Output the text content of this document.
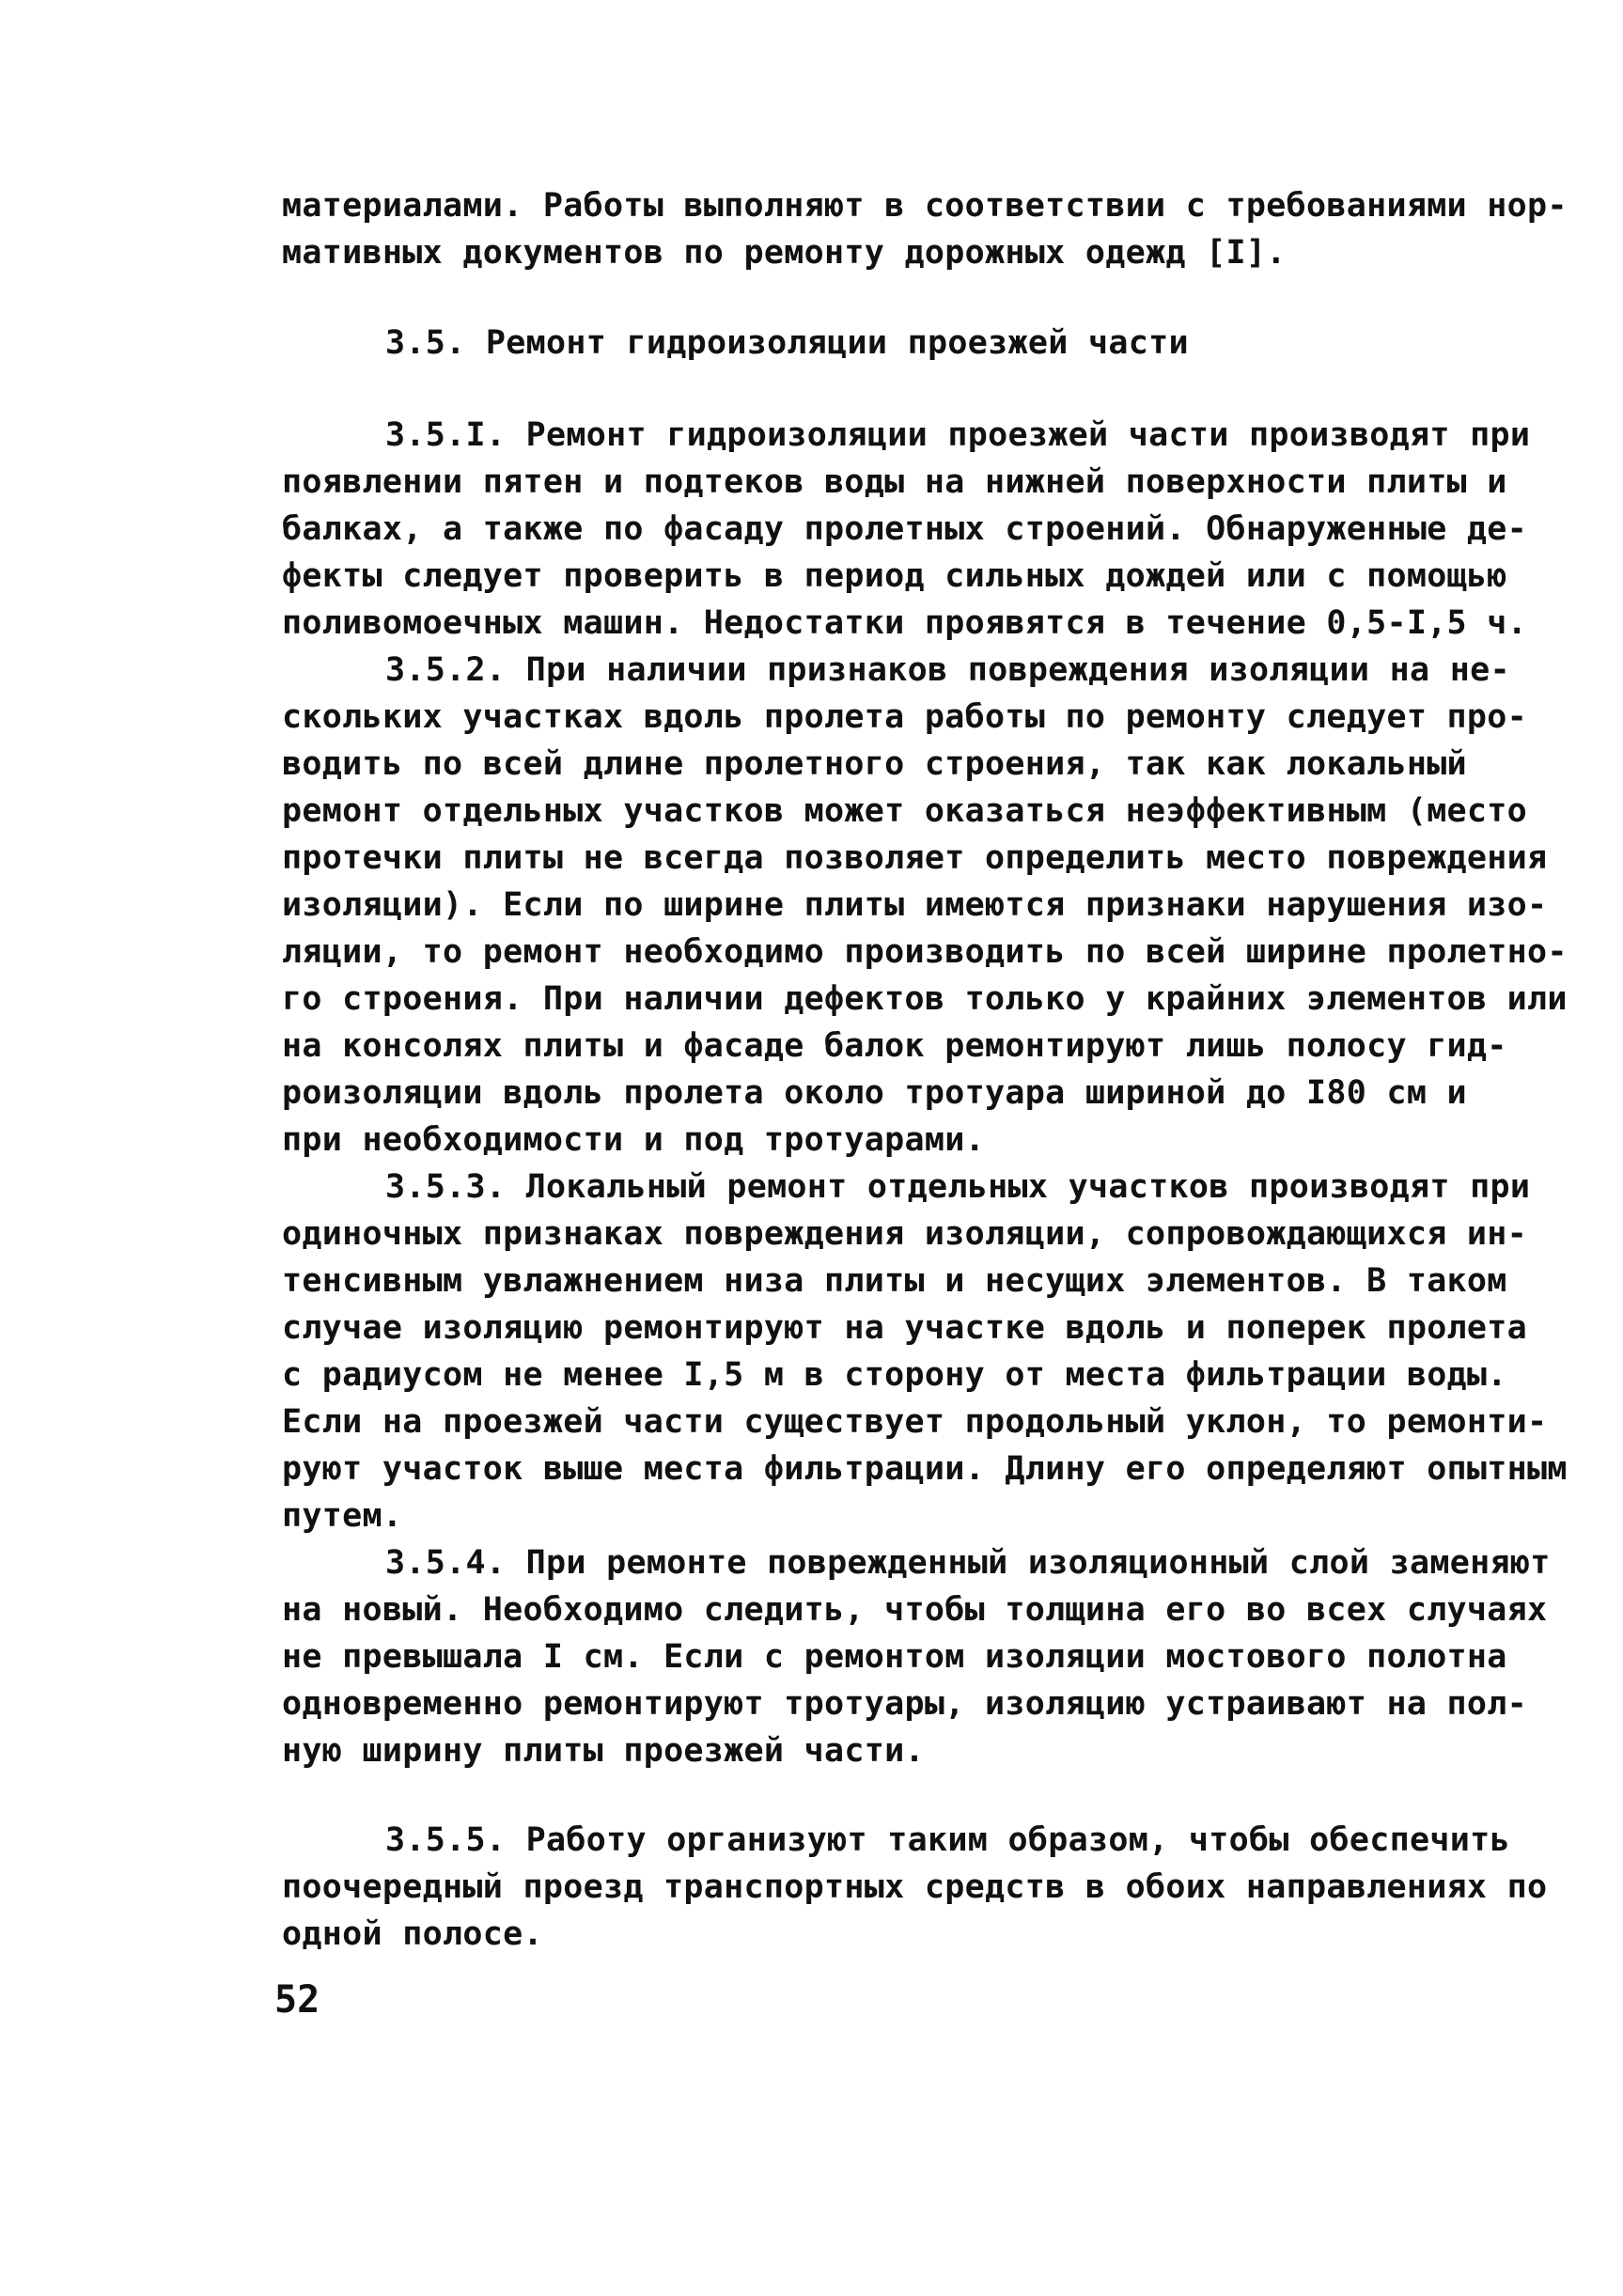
материалами. Работы выполняют в соответствии с требованиями нор-
мативных документов по ремонту дорожных одежд [I].
3.5. Ремонт гидроизоляции проезжей части
3.5.I. Ремонт гидроизоляции проезжей части производят при
появлении пятен и подтеков воды на нижней поверхности плиты и
балках, а также по фасаду пролетных строений. Обнаруженные де-
фекты следует проверить в период сильных дождей или с помощью
поливомоечных машин. Недостатки проявятся в течение 0,5-I,5 ч.
3.5.2. При наличии признаков повреждения изоляции на не-
скольких участках вдоль пролета работы по ремонту следует про-
водить по всей длине пролетного строения, так как локальный
ремонт отдельных участков может оказаться неэффективным (место
протечки плиты не всегда позволяет определить место повреждения
изоляции). Если по ширине плиты имеются признаки нарушения изо-
ляции, то ремонт необходимо производить по всей ширине пролетно-
го строения. При наличии дефектов только у крайних элементов или
на консолях плиты и фасаде балок ремонтируют лишь полосу гид-
роизоляции вдоль пролета около тротуара шириной до I80 см и
при необходимости и под тротуарами.
3.5.3. Локальный ремонт отдельных участков производят при
одиночных признаках повреждения изоляции, сопровождающихся ин-
тенсивным увлажнением низа плиты и несущих элементов. В таком
случае изоляцию ремонтируют на участке вдоль и поперек пролета
с радиусом не менее I,5 м в сторону от места фильтрации воды.
Если на проезжей части существует продольный уклон, то ремонти-
руют участок выше места фильтрации. Длину его определяют опытным
путем.
3.5.4. При ремонте поврежденный изоляционный слой заменяют
на новый. Необходимо следить, чтобы толщина его во всех случаях
не превышала I см. Если с ремонтом изоляции мостового полотна
одновременно ремонтируют тротуары, изоляцию устраивают на пол-
ную ширину плиты проезжей части.
3.5.5. Работу организуют таким образом, чтобы обеспечить
поочередный проезд транспортных средств в обоих направлениях по
одной полосе.
52
